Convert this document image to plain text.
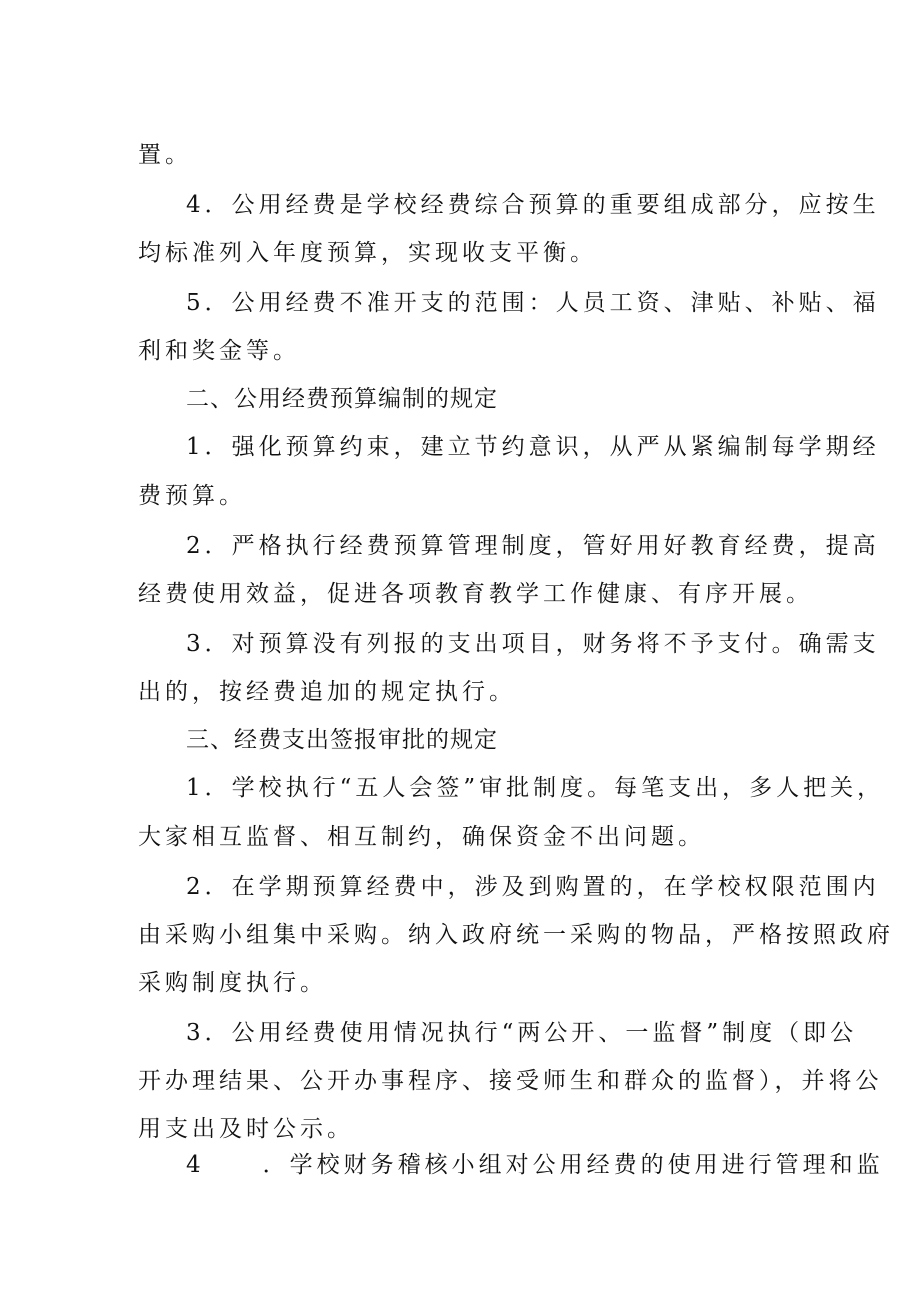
置。
4．公用经费是学校经费综合预算的重要组成部分，应按生
均标准列入年度预算，实现收支平衡。
5．公用经费不准开支的范围：人员工资、津贴、补贴、福
利和奖金等。
二、公用经费预算编制的规定
1．强化预算约束，建立节约意识，从严从紧编制每学期经
费预算。
2．严格执行经费预算管理制度，管好用好教育经费，提高
经费使用效益，促进各项教育教学工作健康、有序开展。
3．对预算没有列报的支出项目，财务将不予支付。确需支
出的，按经费追加的规定执行。
三、经费支出签报审批的规定
1．学校执行“五人会签”审批制度。每笔支出，多人把关，
大家相互监督、相互制约，确保资金不出问题。
2．在学期预算经费中，涉及到购置的，在学校权限范围内
由采购小组集中采购。纳入政府统一采购的物品，严格按照政府
采购制度执行。
3．公用经费使用情况执行“两公开、一监督”制度（即公
开办理结果、公开办事程序、接受师生和群众的监督），并将公
用支出及时公示。
4	．学校财务稽核小组对公用经费的使用进行管理和监
